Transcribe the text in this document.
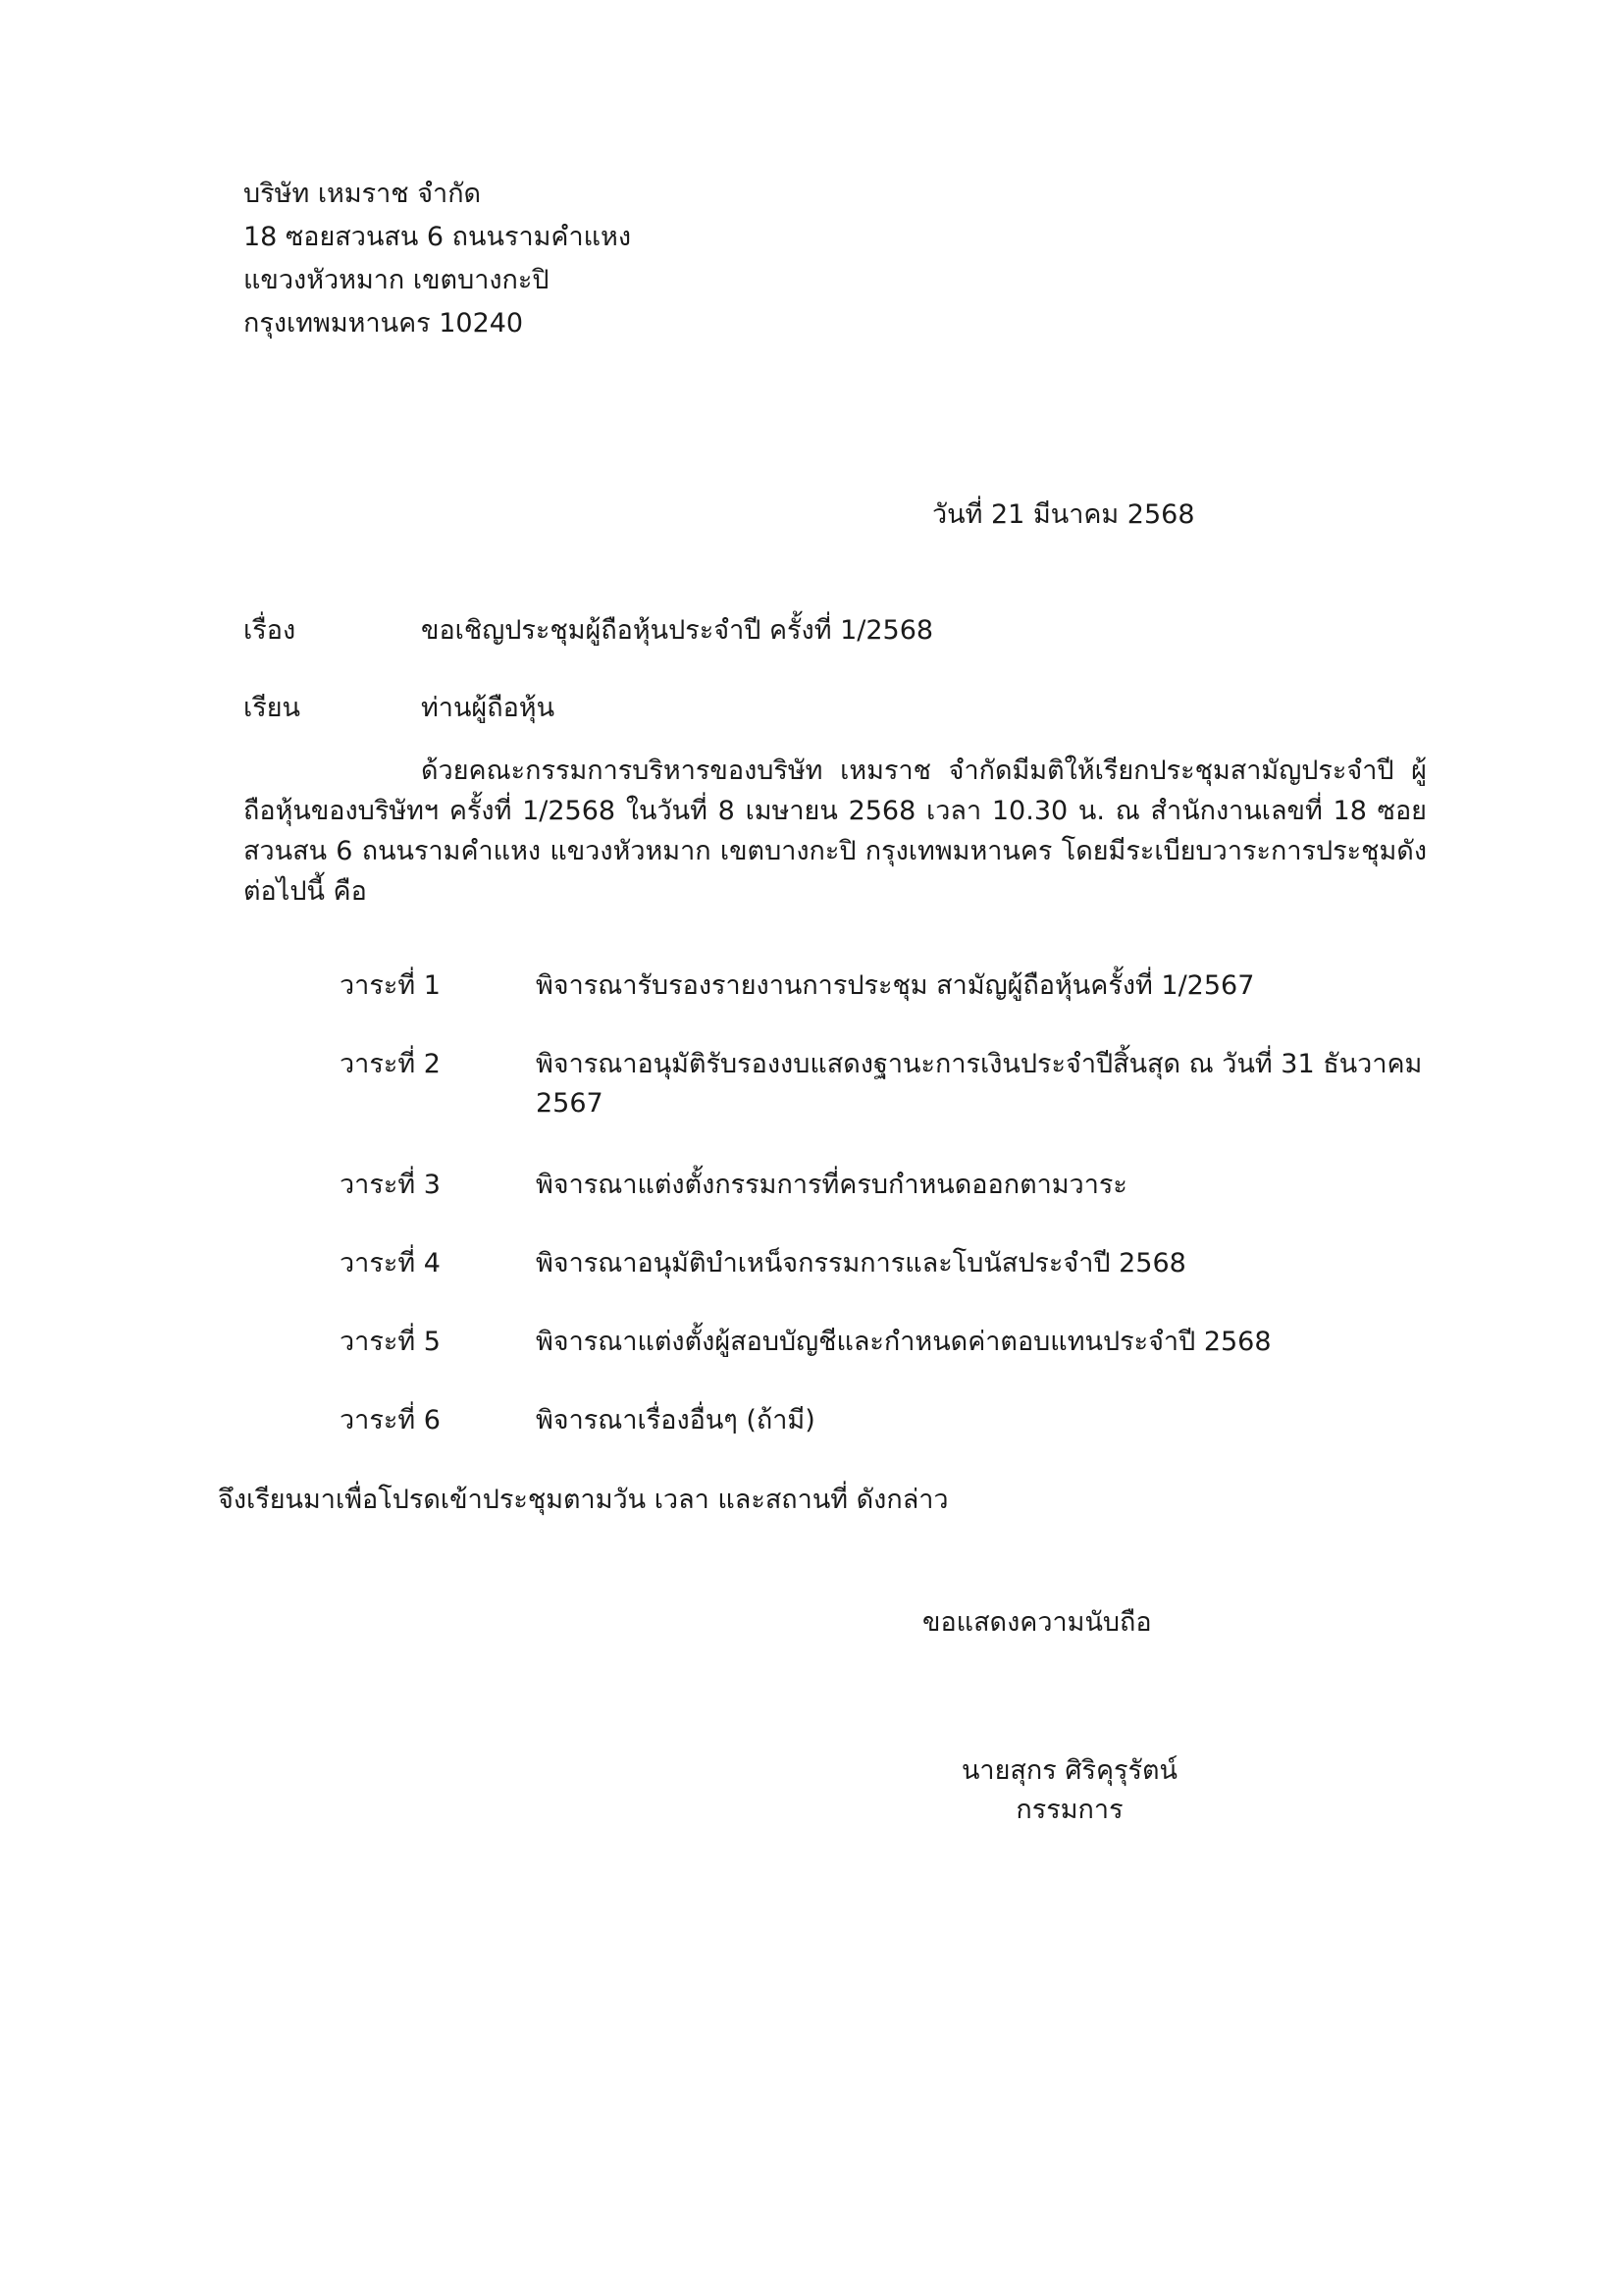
บริษัท เหมราช จำกัด

18 ซอยสวนสน 6 ถนนรามคำแหง

แขวงหัวหมาก เขตบางกะปิ

กรุงเทพมหานคร 10240

วันที่ 21 มีนาคม 2568

เรื่อง	ขอเชิญประชุมผู้ถือหุ้นประจำปี ครั้งที่ 1/2568

เรียน	ท่านผู้ถือหุ้น

ด้วยคณะกรรมการบริหารของบริษัท เหมราช จำกัดมีมติให้เรียกประชุมสามัญประจำปี ผู้ถือหุ้นของบริษัทฯ ครั้งที่ 1/2568 ในวันที่ 8 เมษายน 2568 เวลา 10.30 น. ณ สำนักงานเลขที่ 18 ซอยสวนสน 6 ถนนรามคำแหง แขวงหัวหมาก เขตบางกะปิ กรุงเทพมหานคร โดยมีระเบียบวาระการประชุมดังต่อไปนี้ คือ

วาระที่ 1	พิจารณารับรองรายงานการประชุม สามัญผู้ถือหุ้นครั้งที่ 1/2567
วาระที่ 2	พิจารณาอนุมัติรับรองงบแสดงฐานะการเงินประจำปีสิ้นสุด ณ วันที่ 31 ธันวาคม 2567
วาระที่ 3	พิจารณาแต่งตั้งกรรมการที่ครบกำหนดออกตามวาระ
วาระที่ 4	พิจารณาอนุมัติบำเหน็จกรรมการและโบนัสประจำปี 2568
วาระที่ 5	พิจารณาแต่งตั้งผู้สอบบัญชีและกำหนดค่าตอบแทนประจำปี 2568
วาระที่ 6	พิจารณาเรื่องอื่นๆ (ถ้ามี)

จึงเรียนมาเพื่อโปรดเข้าประชุมตามวัน เวลา และสถานที่ ดังกล่าว

ขอแสดงความนับถือ

นายสุกร ศิริคุรุรัตน์
กรรมการ
